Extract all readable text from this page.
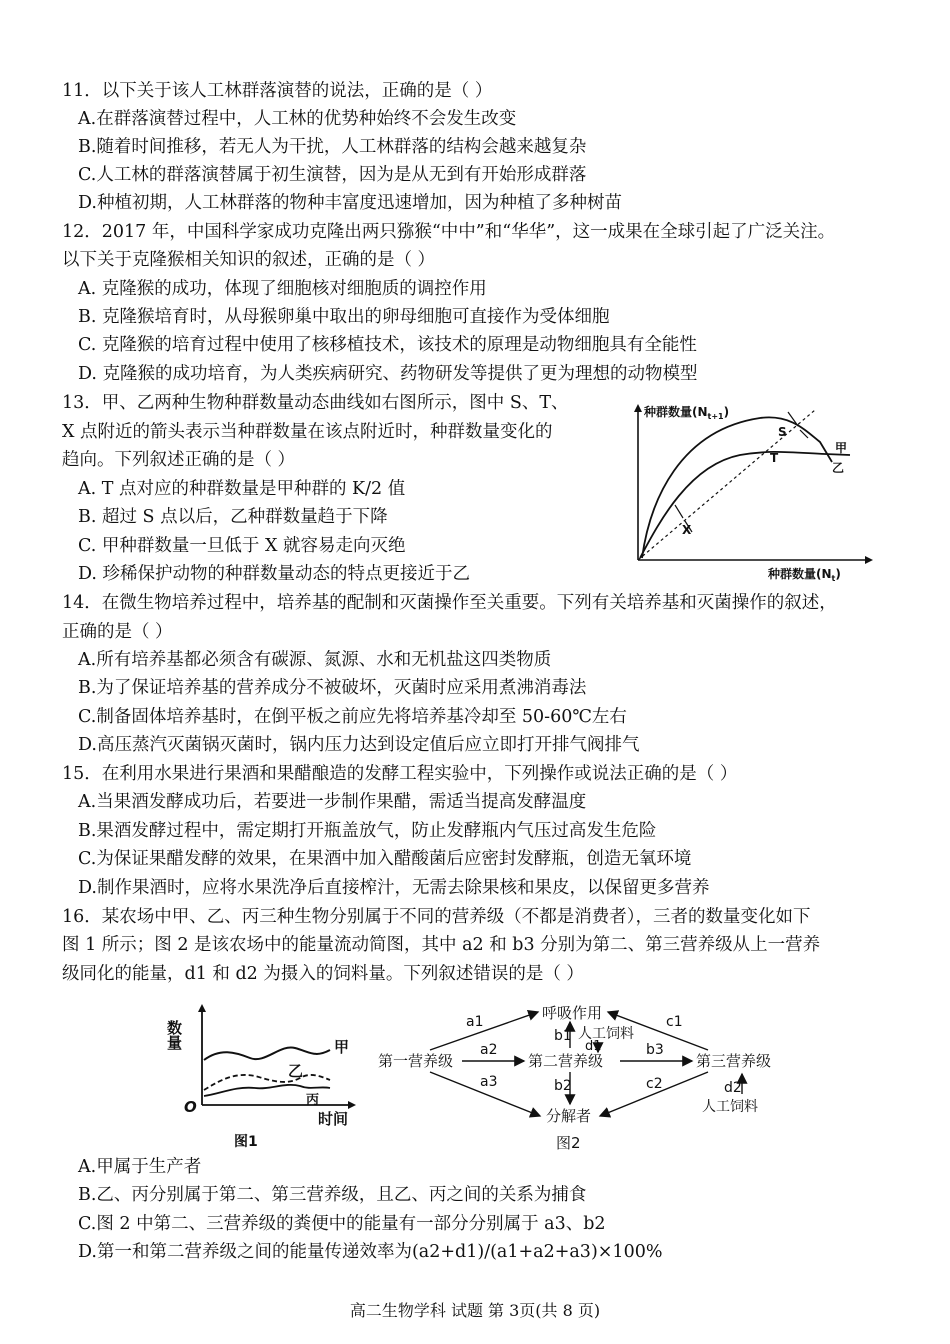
11．以下关于该人工林群落演替的说法，正确的是（ ）
A.在群落演替过程中，人工林的优势种始终不会发生改变
B.随着时间推移，若无人为干扰，人工林群落的结构会越来越复杂
C.人工林的群落演替属于初生演替，因为是从无到有开始形成群落
D.种植初期，人工林群落的物种丰富度迅速增加，因为种植了多种树苗
12．2017 年，中国科学家成功克隆出两只猕猴“中中”和“华华”，这一成果在全球引起了广泛关注。
以下关于克隆猴相关知识的叙述，正确的是（ ）
A. 克隆猴的成功，体现了细胞核对细胞质的调控作用
B. 克隆猴培育时，从母猴卵巢中取出的卵母细胞可直接作为受体细胞
C. 克隆猴的培育过程中使用了核移植技术，该技术的原理是动物细胞具有全能性
D. 克隆猴的成功培育，为人类疾病研究、药物研发等提供了更为理想的动物模型
13．甲、乙两种生物种群数量动态曲线如右图所示，图中 S、T、
X 点附近的箭头表示当种群数量在该点附近时，种群数量变化的
趋向。下列叙述正确的是（ ）
A. T 点对应的种群数量是甲种群的 K/2 值
B. 超过 S 点以后，乙种群数量趋于下降
C. 甲种群数量一旦低于 X 就容易走向灭绝
D. 珍稀保护动物的种群数量动态的特点更接近于乙
种群数量$(N_{t+1})$
种群数量$(N_t)$
S
T
X
甲
乙
14．在微生物培养过程中，培养基的配制和灭菌操作至关重要。下列有关培养基和灭菌操作的叙述，
正确的是（ ）
A.所有培养基都必须含有碳源、氮源、水和无机盐这四类物质
B.为了保证培养基的营养成分不被破坏，灭菌时应采用煮沸消毒法
C.制备固体培养基时，在倒平板之前应先将培养基冷却至 50-60℃左右
D.高压蒸汽灭菌锅灭菌时，锅内压力达到设定值后应立即打开排气阀排气
15．在利用水果进行果酒和果醋酿造的发酵工程实验中，下列操作或说法正确的是（ ）
A.当果酒发酵成功后，若要进一步制作果醋，需适当提高发酵温度
B.果酒发酵过程中，需定期打开瓶盖放气，防止发酵瓶内气压过高发生危险
C.为保证果醋发酵的效果，在果酒中加入醋酸菌后应密封发酵瓶，创造无氧环境
D.制作果酒时，应将水果洗净后直接榨汁，无需去除果核和果皮，以保留更多营养
16．某农场中甲、乙、丙三种生物分别属于不同的营养级（不都是消费者），三者的数量变化如下
图 1 所示；图 2 是该农场中的能量流动简图，其中 a2 和 b3 分别为第二、第三营养级从上一营养
级同化的能量，d1 和 d2 为摄入的饲料量。下列叙述错误的是（ ）
数量
O
时间
甲
乙
丙
图1
呼吸作用
第一营养级	第二营养级	第三营养级
分解者
人工饲料
人工饲料
a1
a2
a3
b1
d1
b2
b3
c1
c2	d2
图2
A.甲属于生产者
B.乙、丙分别属于第二、第三营养级，且乙、丙之间的关系为捕食
C.图 2 中第二、三营养级的粪便中的能量有一部分分别属于 a3、b2
D.第一和第二营养级之间的能量传递效率为(a2+d1)/(a1+a2+a3)×100%
高二生物学科 试题 第 3页(共 8 页)
